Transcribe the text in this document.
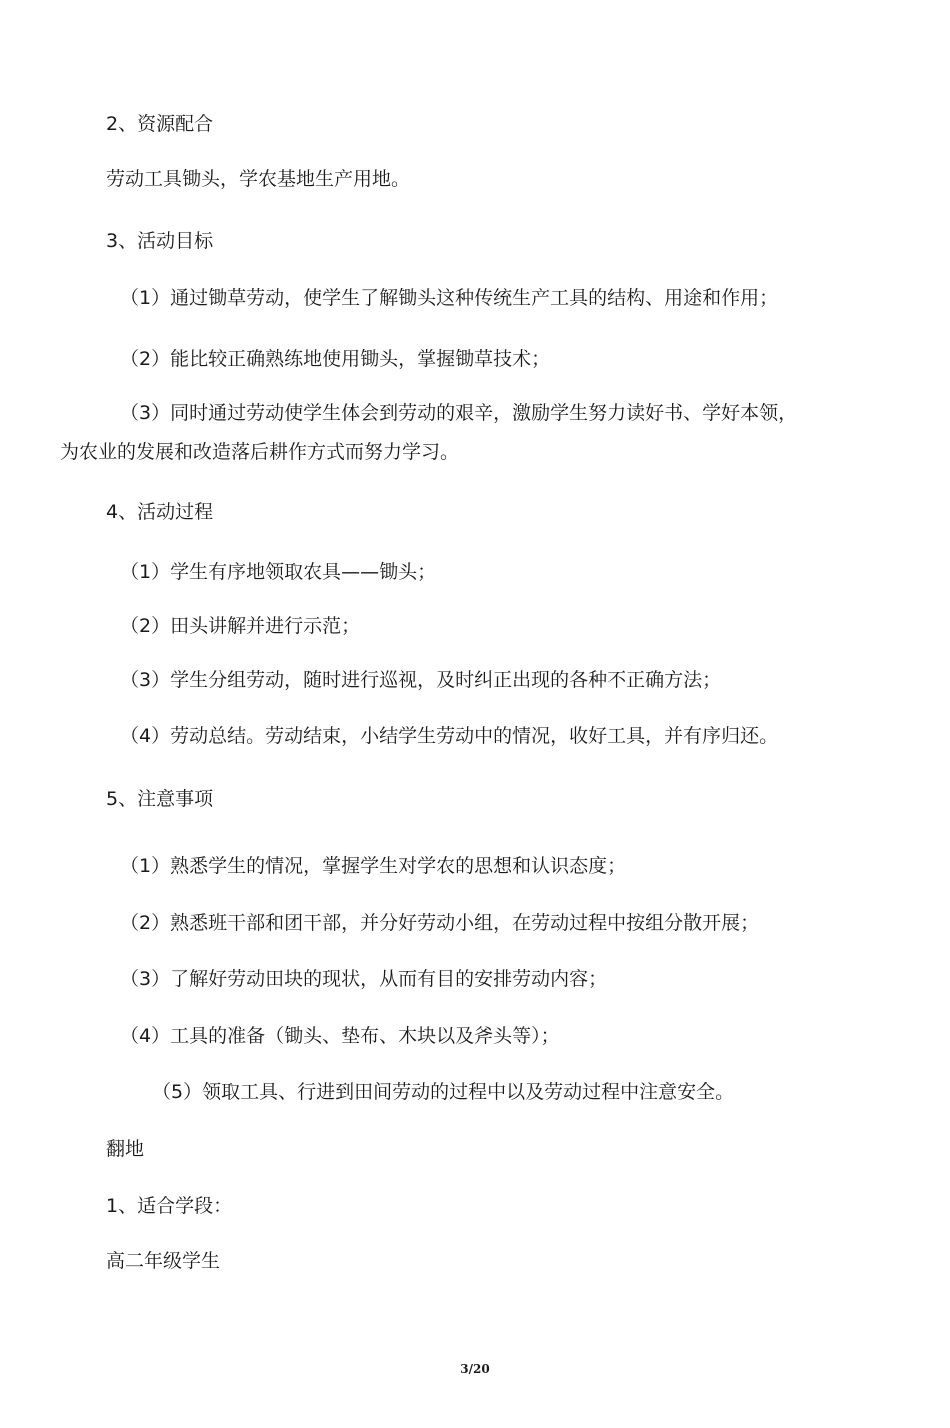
2、资源配合

劳动工具锄头，学农基地生产用地。

3、活动目标

（1）通过锄草劳动，使学生了解锄头这种传统生产工具的结构、用途和作用；

（2）能比较正确熟练地使用锄头，掌握锄草技术；

（3）同时通过劳动使学生体会到劳动的艰辛，激励学生努力读好书、学好本领，

为农业的发展和改造落后耕作方式而努力学习。

4、活动过程

（1）学生有序地领取农具——锄头；

（2）田头讲解并进行示范；

（3）学生分组劳动，随时进行巡视，及时纠正出现的各种不正确方法；

（4）劳动总结。劳动结束，小结学生劳动中的情况，收好工具，并有序归还。

5、注意事项

（1）熟悉学生的情况，掌握学生对学农的思想和认识态度；

（2）熟悉班干部和团干部，并分好劳动小组，在劳动过程中按组分散开展；

（3）了解好劳动田块的现状，从而有目的安排劳动内容；

（4）工具的准备（锄头、垫布、木块以及斧头等）；

（5）领取工具、行进到田间劳动的过程中以及劳动过程中注意安全。

翻地

1、适合学段：

高二年级学生

3/20
